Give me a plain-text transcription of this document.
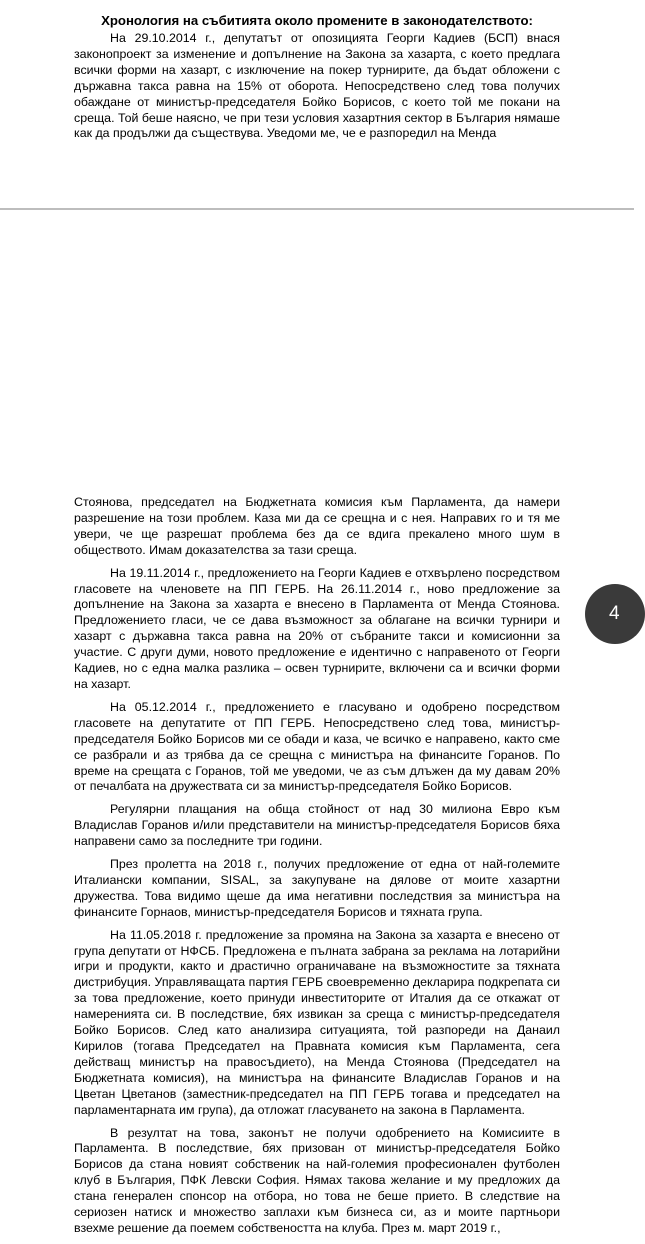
Хронология на събитията около промените в законодателството:

На 29.10.2014 г., депутатът от опозицията Георги Кадиев (БСП) внася законопроект за изменение и допълнение на Закона за хазарта, с което предлага всички форми на хазарт, с изключение на покер турнирите, да бъдат обложени с държавна такса равна на 15% от оборота. Непосредствено след това получих обаждане от министър-председателя Бойко Борисов, с което той ме покани на среща. Той беше наясно, че при тези условия хазартния сектор в България нямаше как да продължи да съществува. Уведоми ме, че е разпоредил на Менда

Стоянова, председател на Бюджетната комисия към Парламента, да намери разрешение на този проблем. Каза ми да се срещна и с нея. Направих го и тя ме увери, че ще разрешат проблема без да се вдига прекалено много шум в обществото. Имам доказателства за тази среща.

На 19.11.2014 г., предложението на Георги Кадиев е отхвърлено посредством гласовете на членовете на ПП ГЕРБ. На 26.11.2014 г., ново предложение за допълнение на Закона за хазарта е внесено в Парламента от Менда Стоянова. Предложението гласи, че се дава възможност за облагане на всички турнири и хазарт с държавна такса равна на 20% от събраните такси и комисионни за участие. С други думи, новото предложение е идентично с направеното от Георги Кадиев, но с една малка разлика – освен турнирите, включени са и всички форми на хазарт.

На 05.12.2014 г., предложението е гласувано и одобрено посредством гласовете на депутатите от ПП ГЕРБ. Непосредствено след това, министър-председателя Бойко Борисов ми се обади и каза, че всичко е направено, както сме се разбрали и аз трябва да се срещна с министъра на финансите Горанов. По време на срещата с Горанов, той ме уведоми, че аз съм длъжен да му давам 20% от печалбата на дружествата си за министър-председателя Бойко Борисов.

Регулярни плащания на обща стойност от над 30 милиона Евро към Владислав Горанов и/или представители на министър-председателя Борисов бяха направени само за последните три години.

През пролетта на 2018 г., получих предложение от една от най-големите Италиански компании, SISAL, за закупуване на дялове от моите хазартни дружества. Това видимо щеше да има негативни последствия за министъра на финансите Горнаов, министър-председателя Борисов и тяхната група.

На 11.05.2018 г. предложение за промяна на Закона за хазарта е внесено от група депутати от НФСБ. Предложена е пълната забрана за реклама на лотарийни игри и продукти, както и драстично ограничаване на възможностите за тяхната дистрибуция. Управляващата партия ГЕРБ своевременно декларира подкрепата си за това предложение, което принуди инвеститорите от Италия да се откажат от намеренията си. В последствие, бях извикан за среща с министър-председателя Бойко Борисов. След като анализира ситуацията, той разпореди на Данаил Кирилов (тогава Председател на Правната комисия към Парламента, сега действащ министър на правосъдието), на Менда Стоянова (Председател на Бюджетната комисия), на министъра на финансите Владислав Горанов и на Цветан Цветанов (заместник-председател на ПП ГЕРБ тогава и председател на парламентарната им група), да отложат гласуването на закона в Парламента.

В резултат на това, законът не получи одобрението на Комисиите в Парламента. В последствие, бях призован от министър-председателя Бойко Борисов да стана новият собственик на най-големия професионален футболен клуб в България, ПФК Левски София. Нямах такова желание и му предложих да стана генерален спонсор на отбора, но това не беше прието. В следствие на сериозен натиск и множество заплахи към бизнеса си, аз и моите партньори взехме решение да поемем собствеността на клуба. През м. март 2019 г.,

4
